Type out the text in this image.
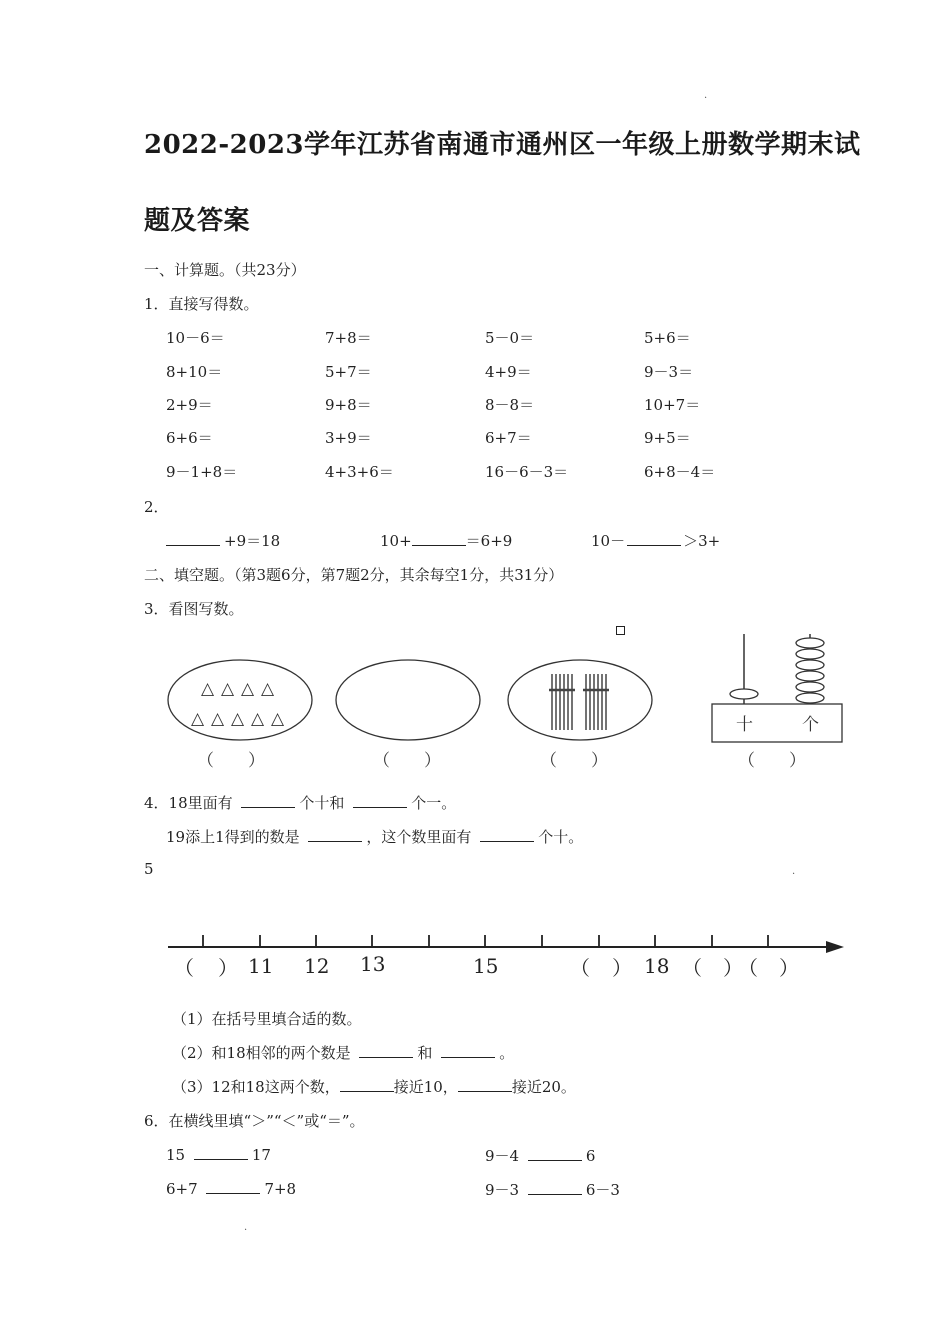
2022-2023学年江苏省南通市通州区一年级上册数学期末试
题及答案
.
.
.
一、计算题。（共23分）
1．直接写得数。
10－6＝	7+8＝	5－0＝	5+6＝
8+10＝	5+7＝	4+9＝	9－3＝
2+9＝	9+8＝	8－8＝	10+7＝
6+6＝	3+9＝	6+7＝	9+5＝
9－1+8＝	4+3+6＝	16－6－3＝	6+8－4＝
2．
+9＝18	10+	＝6+9	10－	＞3+
二、填空题。（第3题6分，第7题2分，其余每空1分，共31分）
3．看图写数。
△ △ △ △
△ △ △ △ △
（　　）	（　　）	（　　）
十	个
（　　）
4．18里面有	个十和	个一。
19添上1得到的数是	，这个数里面有	个十。
5
（ ） 11 12 13	15	（ ） 18 （ ）
（ ）
（1）在括号里填合适的数。
（2）和18相邻的两个数是	和	。
（3）12和18这两个数，	接近10，	接近20。
6．在横线里填“＞”“＜”或“＝”。
15	17	9－4	6
6+7	7+8	9－3	6－3
